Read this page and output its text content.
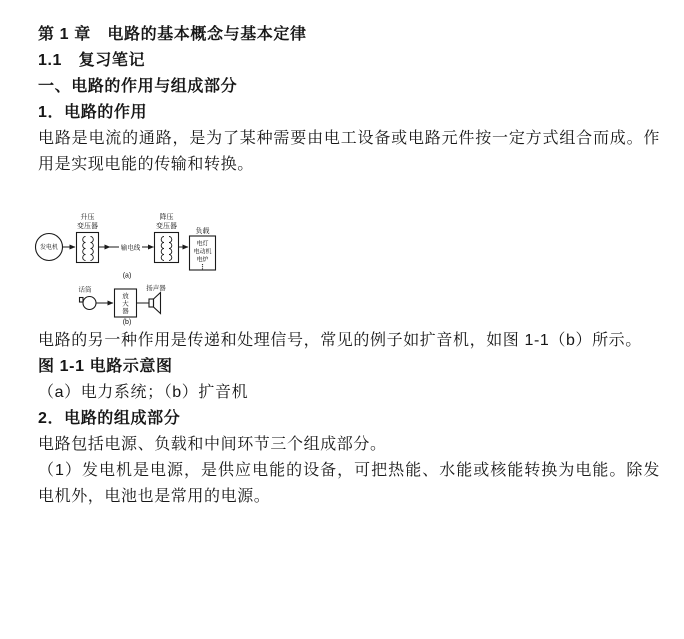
第 1 章　电路的基本概念与基本定律

1.1　复习笔记

一、电路的作用与组成部分

1．电路的作用

电路是电流的通路，是为了某种需要由电工设备或电路元件按一定方式组合而成。作用是实现电能的传输和转换。

发电机
升压
变压器
输电线
降压
变压器
负载
电灯
电动机
电炉
(a)
话筒
放
大
器
扬声器
(b)

电路的另一种作用是传递和处理信号，常见的例子如扩音机，如图 1-1（b）所示。

图 1-1 电路示意图

（a）电力系统；（b）扩音机

2．电路的组成部分

电路包括电源、负载和中间环节三个组成部分。

（1）发电机是电源，是供应电能的设备，可把热能、水能或核能转换为电能。除发电机外，电池也是常用的电源。
